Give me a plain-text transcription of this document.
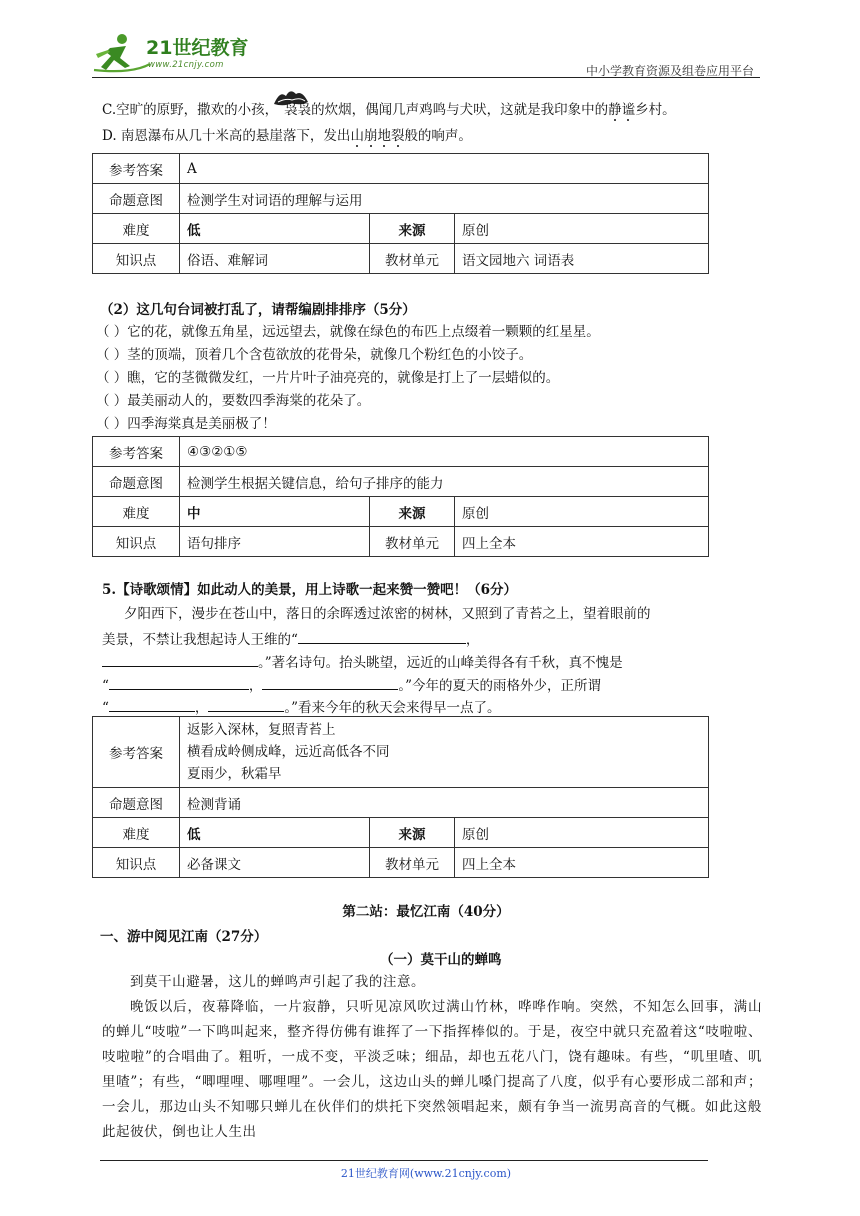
21世纪教育
www.21cnjy.com	中小学教育资源及组卷应用平台
C.空旷的原野，撒欢的小孩， 袅袅的炊烟，偶闻几声鸡鸣与犬吠，这就是我印象中的静谧乡村。
D. 南恩瀑布从几十米高的悬崖落下，发出山崩地裂般的响声。
参考答案	A		
命题意图	检测学生对词语的理解与运用		
难度	低	来源	原创
知识点	俗语、难解词	教材单元	语文园地六 词语表
（2）这几句台词被打乱了，请帮编剧排排序（5分）
（ ）它的花，就像五角星，远远望去，就像在绿色的布匹上点缀着一颗颗的红星星。
（ ）茎的顶端，顶着几个含苞欲放的花骨朵，就像几个粉红色的小饺子。
（ ）瞧，它的茎微微发红，一片片叶子油亮亮的，就像是打上了一层蜡似的。
（ ）最美丽动人的，要数四季海棠的花朵了。
（ ）四季海棠真是美丽极了！
参考答案	④③②①⑤		
命题意图	检测学生根据关键信息，给句子排序的能力		
难度	中	来源	原创
知识点	语句排序	教材单元	四上全本
5.【诗歌颂情】如此动人的美景，用上诗歌一起来赞一赞吧！（6分）
夕阳西下，漫步在苍山中，落日的余晖透过浓密的树林，又照到了青苔之上，望着眼前的
美景，不禁让我想起诗人王维的“	，
。”著名诗句。抬头眺望，远近的山峰美得各有千秋，真不愧是
“	，	。”今年的夏天的雨格外少，正所谓
“	，	。”看来今年的秋天会来得早一点了。
参考答案	返影入深林，复照青苔上
横看成岭侧成峰，远近高低各不同
夏雨少，秋霜早		

命题意图	检测背诵		
难度	低	来源	原创
知识点	必备课文	教材单元	四上全本
第二站：最忆江南（40分）
一、游中阅见江南（27分）
（一）莫干山的蝉鸣
到莫干山避暑，这儿的蝉鸣声引起了我的注意。
晚饭以后，夜幕降临，一片寂静，只听见凉风吹过满山竹林，哗哗作响。突然，不知怎么回事，满山的蝉儿“吱啦”一下鸣叫起来，整齐得仿佛有谁挥了一下指挥棒似的。于是，夜空中就只充盈着这“吱啦啦、吱啦啦”的合唱曲了。粗听，一成不变，平淡乏味；细品，却也五花八门，饶有趣味。有些，“叽里喳、叽里喳”；有些，“唧哩哩、哪哩哩”。一会儿，这边山头的蝉儿嗓门提高了八度，似乎有心要形成二部和声；一会儿，那边山头不知哪只蝉儿在伙伴们的烘托下突然领唱起来，颇有争当一流男高音的气概。如此这般此起彼伏，倒也让人生出
21世纪教育网(www.21cnjy.com)
